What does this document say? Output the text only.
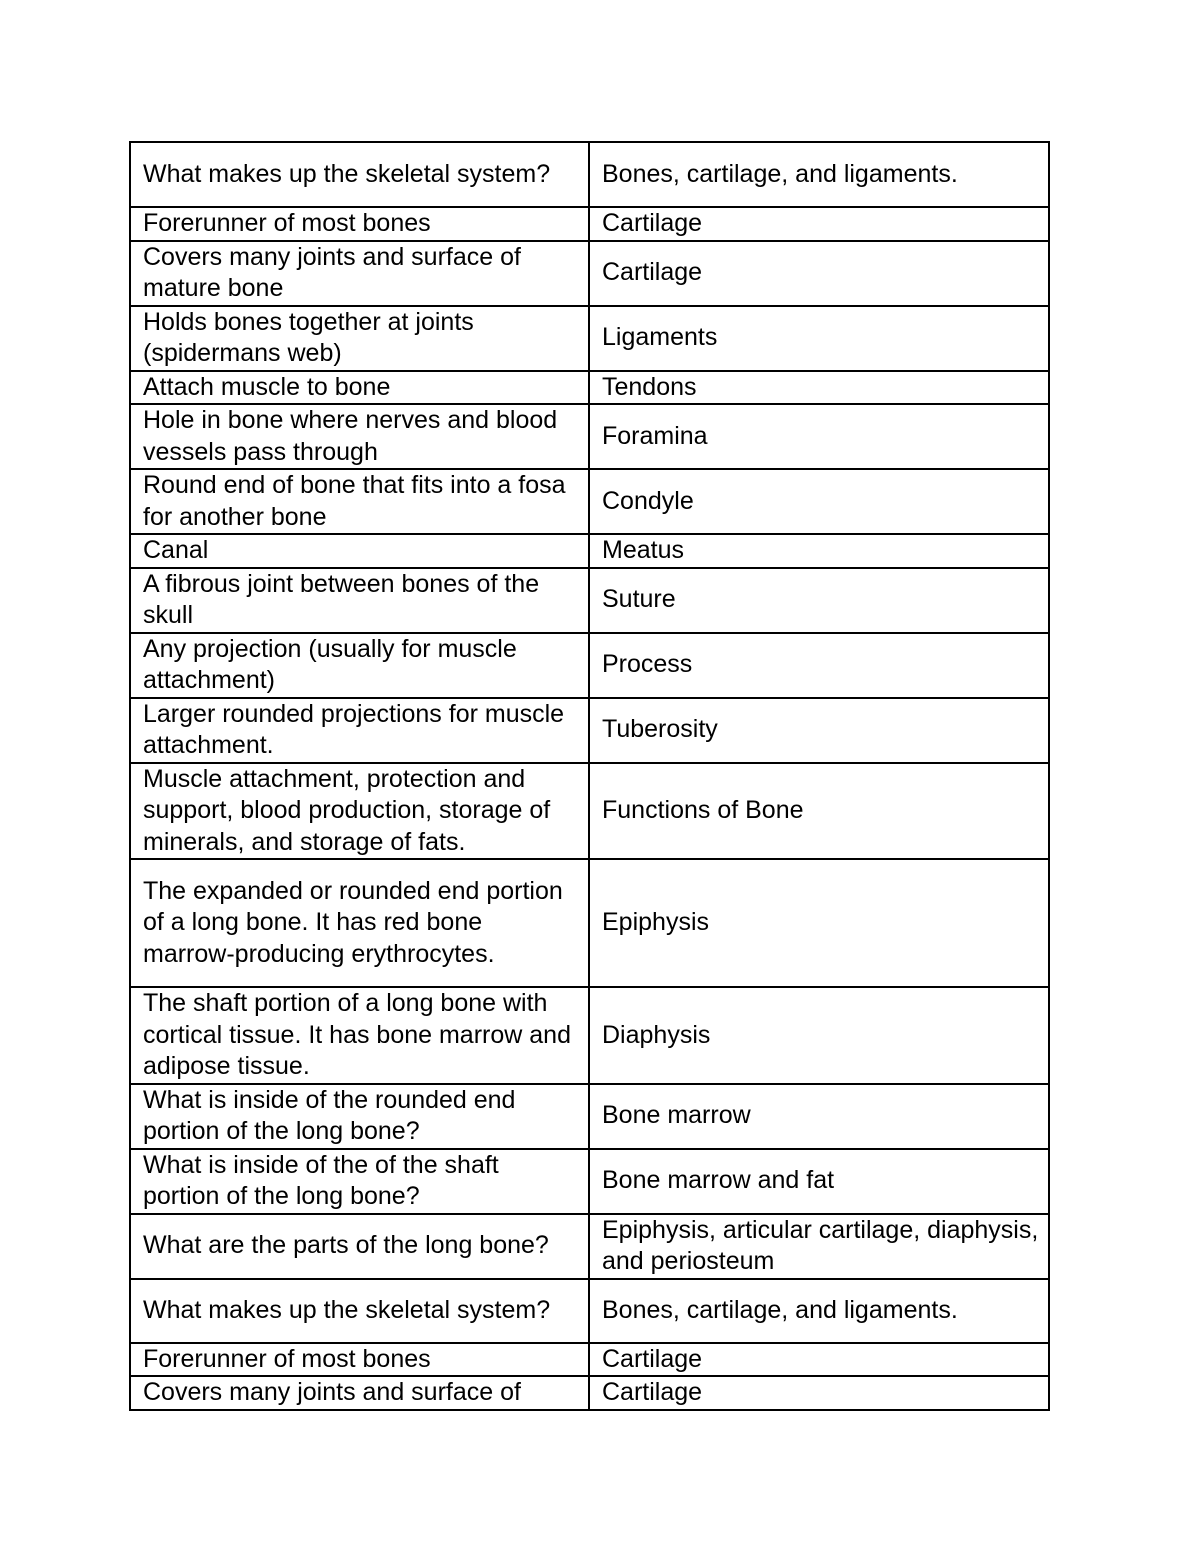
What makes up the skeletal system?	Bones, cartilage, and ligaments.
Forerunner of most bones	Cartilage
Covers many joints and surface of mature bone	Cartilage
Holds bones together at joints (spidermans web)	Ligaments
Attach muscle to bone	Tendons
Hole in bone where nerves and blood vessels pass through	Foramina
Round end of bone that fits into a fosa for another bone	Condyle
Canal	Meatus
A fibrous joint between bones of the skull	Suture
Any projection (usually for muscle attachment)	Process
Larger rounded projections for muscle attachment.	Tuberosity
Muscle attachment, protection and support, blood production, storage of minerals, and storage of fats.	Functions of Bone
The expanded or rounded end portion of a long bone. It has red bone marrow-producing erythrocytes.	Epiphysis
The shaft portion of a long bone with cortical tissue. It has bone marrow and adipose tissue.	Diaphysis
What is inside of the rounded end portion of the long bone?	Bone marrow
What is inside of the of the shaft portion of the long bone?	Bone marrow and fat
What are the parts of the long bone?	Epiphysis, articular cartilage, diaphysis, and periosteum
What makes up the skeletal system?	Bones, cartilage, and ligaments.
Forerunner of most bones	Cartilage
Covers many joints and surface of	Cartilage
